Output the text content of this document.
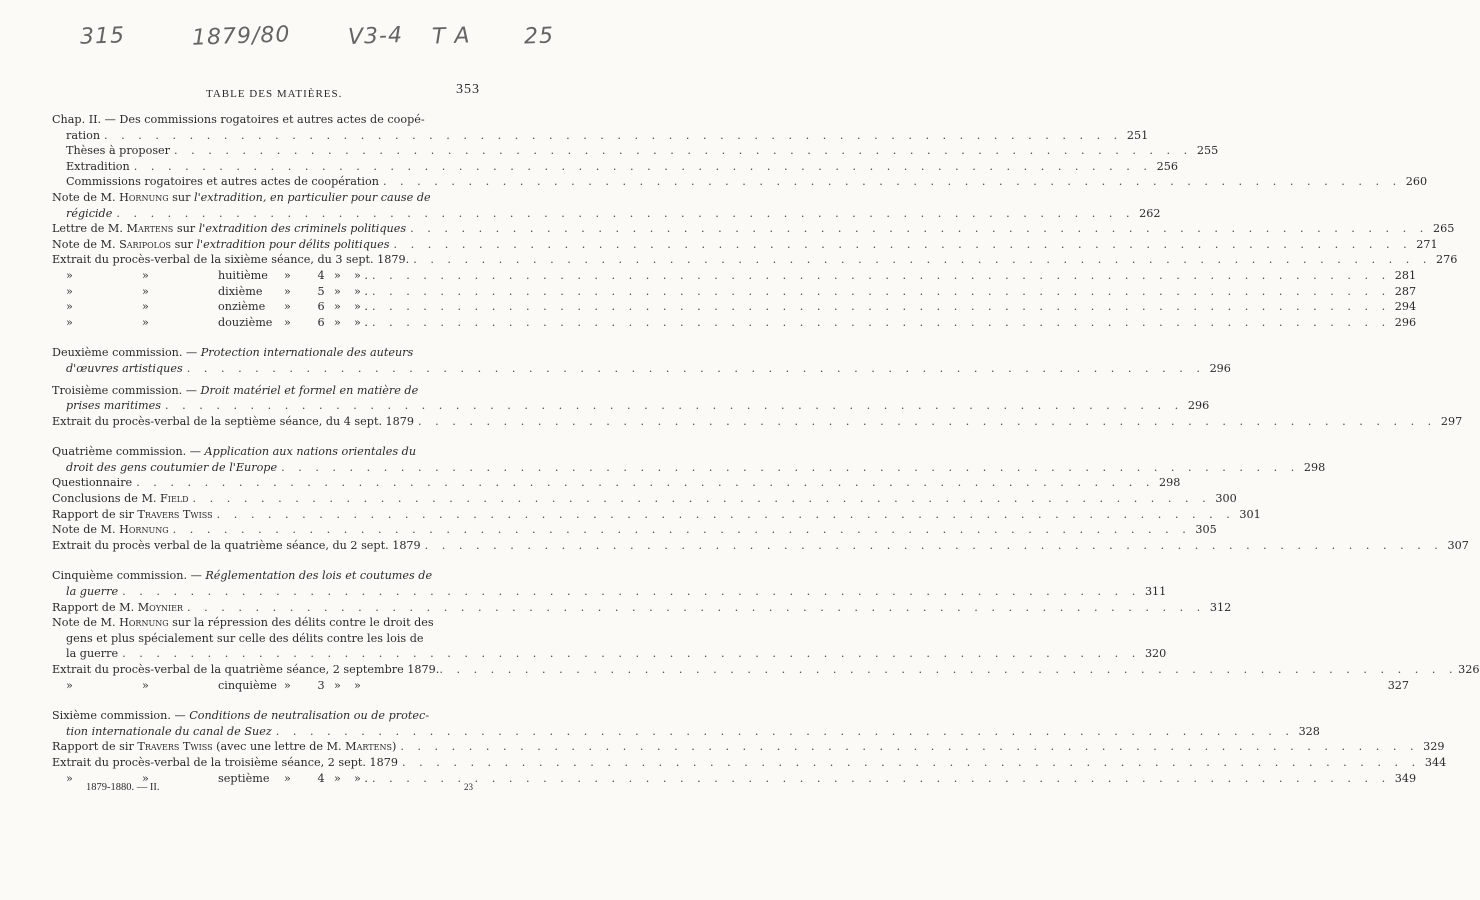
315	1879/80	V3-4 T A 25
TABLE DES MATIÈRES.	353
Chap. II. — Des commissions rogatoires et autres actes de coopé-
ration . . .	251
Thèses à proposer . . .	255
Extradition . . .	256
Commissions rogatoires et autres actes de coopération . . .	260
Note de M. Hornung sur l'extradition, en particulier pour cause de
régicide . . .	262
Lettre de M. Martens sur l'extradition des criminels politiques . . .	265
Note de M. Saripolos sur l'extradition pour délits politiques . . .	271
Extrait du procès-verbal de la sixième séance, du 3 sept. 1879. . . .	276
»	»	huitième	»	4 »	» . . . .	281
»	»	dixième	»	5 »	» . . . .	287
»	»	onzième	»	6 »	» . . . .	294
»	»	douzième	»	6 »	» . . . .	296
Deuxième commission. — Protection internationale des auteurs
d'œuvres artistiques . . .	296
Troisième commission. — Droit matériel et formel en matière de
prises maritimes . . .	296
Extrait du procès-verbal de la septième séance, du 4 sept. 1879 . . .	297
Quatrième commission. — Application aux nations orientales du
droit des gens coutumier de l'Europe . . .	298
Questionnaire . . .	298
Conclusions de M. Field . . .	300
Rapport de sir Travers Twiss . . .	301
Note de M. Hornung . . .	305
Extrait du procès verbal de la quatrième séance, du 2 sept. 1879 . . .	307
Cinquième commission. — Réglementation des lois et coutumes de
la guerre . . .	311
Rapport de M. Moynier . . .	312
Note de M. Hornung sur la répression des délits contre le droit des
gens et plus spécialement sur celle des délits contre les lois de
la guerre . . .	320
Extrait du procès-verbal de la quatrième séance, 2 septembre 1879. . . .	326
»	»	cinquième »	3 »	»	327
Sixième commission. — Conditions de neutralisation ou de protec-
tion internationale du canal de Suez . . .	328
Rapport de sir Travers Twiss (avec une lettre de M. Martens) . . .	329
Extrait du procès-verbal de la troisième séance, 2 sept. 1879 . . .	344
»	»	septième	»	4 »	» . . . .	349
1879-1880. — II.	23
